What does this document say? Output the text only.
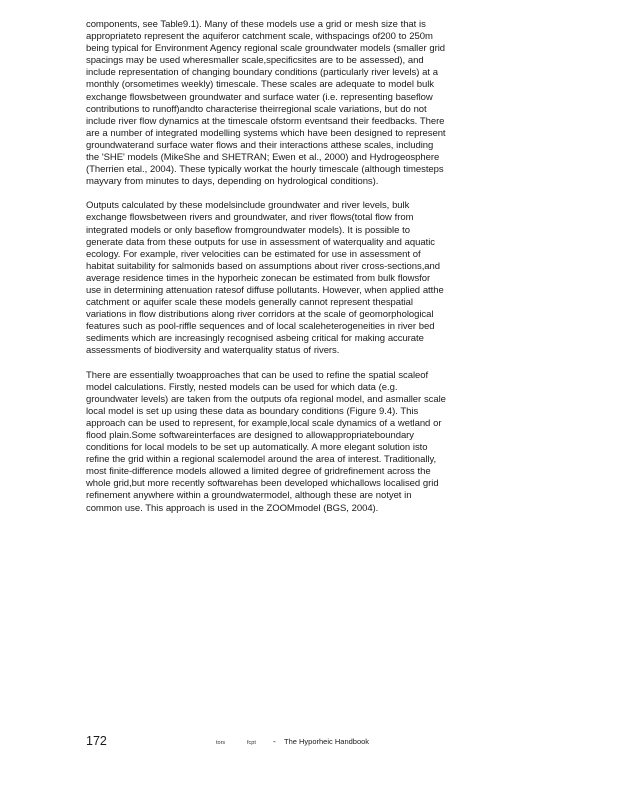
components, see Table9.1). Many of these models use a grid or mesh size that is
appropriateto represent the aquiferor catchment scale, withspacings of200 to 250m
being typical for Environment Agency regional scale groundwater models (smaller grid
spacings may be used wheresmaller scale,specificsites are to be assessed), and
include representation of changing boundary conditions (particularly river levels) at a
monthly (orsometimes weekly) timescale. These scales are adequate to model bulk
exchange flowsbetween groundwater and surface water (i.e. representing baseflow
contributions to runoff)andto characterise theirregional scale variations, but do not
include river flow dynamics at the timescale ofstorm eventsand their feedbacks. There
are a number of integrated modelling systems which have been designed to represent
groundwaterand surface water flows and their interactions atthese scales, including
the 'SHE' models (MikeShe and SHETRAN; Ewen et al., 2000) and Hydrogeosphere
(Therrien etal., 2004). These typically workat the hourly timescale (although timesteps
mayvary from minutes to days, depending on hydrological conditions).

Outputs calculated by these modelsinclude groundwater and river levels, bulk
exchange flowsbetween rivers and groundwater, and river flows(total flow from
integrated models or only baseflow fromgroundwater models). It is possible to
generate data from these outputs for use in assessment of waterquality and aquatic
ecology. For example, river velocities can be estimated for use in assessment of
habitat suitability for salmonids based on assumptions about river cross-sections,and
average residence times in the hyporheic zonecan be estimated from bulk flowsfor
use in determining attenuation ratesof diffuse pollutants. However, when applied atthe
catchment or aquifer scale these models generally cannot represent thespatial
variations in flow distributions along river corridors at the scale of geomorphological
features such as pool-riffle sequences and of local scaleheterogeneities in river bed
sediments which are increasingly recognised asbeing critical for making accurate
assessments of biodiversity and waterquality status of rivers.

There are essentially twoapproaches that can be used to refine the spatial scaleof
model calculations. Firstly, nested models can be used for which data (e.g.
groundwater levels) are taken from the outputs ofa regional model, and asmaller scale
local model is set up using these data as boundary conditions (Figure 9.4). This
approach can be used to represent, for example,local scale dynamics of a wetland or
flood plain.Some softwareinterfaces are designed to allowappropriateboundary
conditions for local models to be set up automatically. A more elegant solution isto
refine the grid within a regional scalemodel around the area of interest. Traditionally,
most finite-difference models allowed a limited degree of gridrefinement across the
whole grid,but more recently softwarehas been developed whichallows localised grid
refinement anywhere within a groundwatermodel, although these are notyet in
common use. This approach is used in the ZOOMmodel (BGS, 2004).

172	tors	fcpt - The Hyporheic Handbook
